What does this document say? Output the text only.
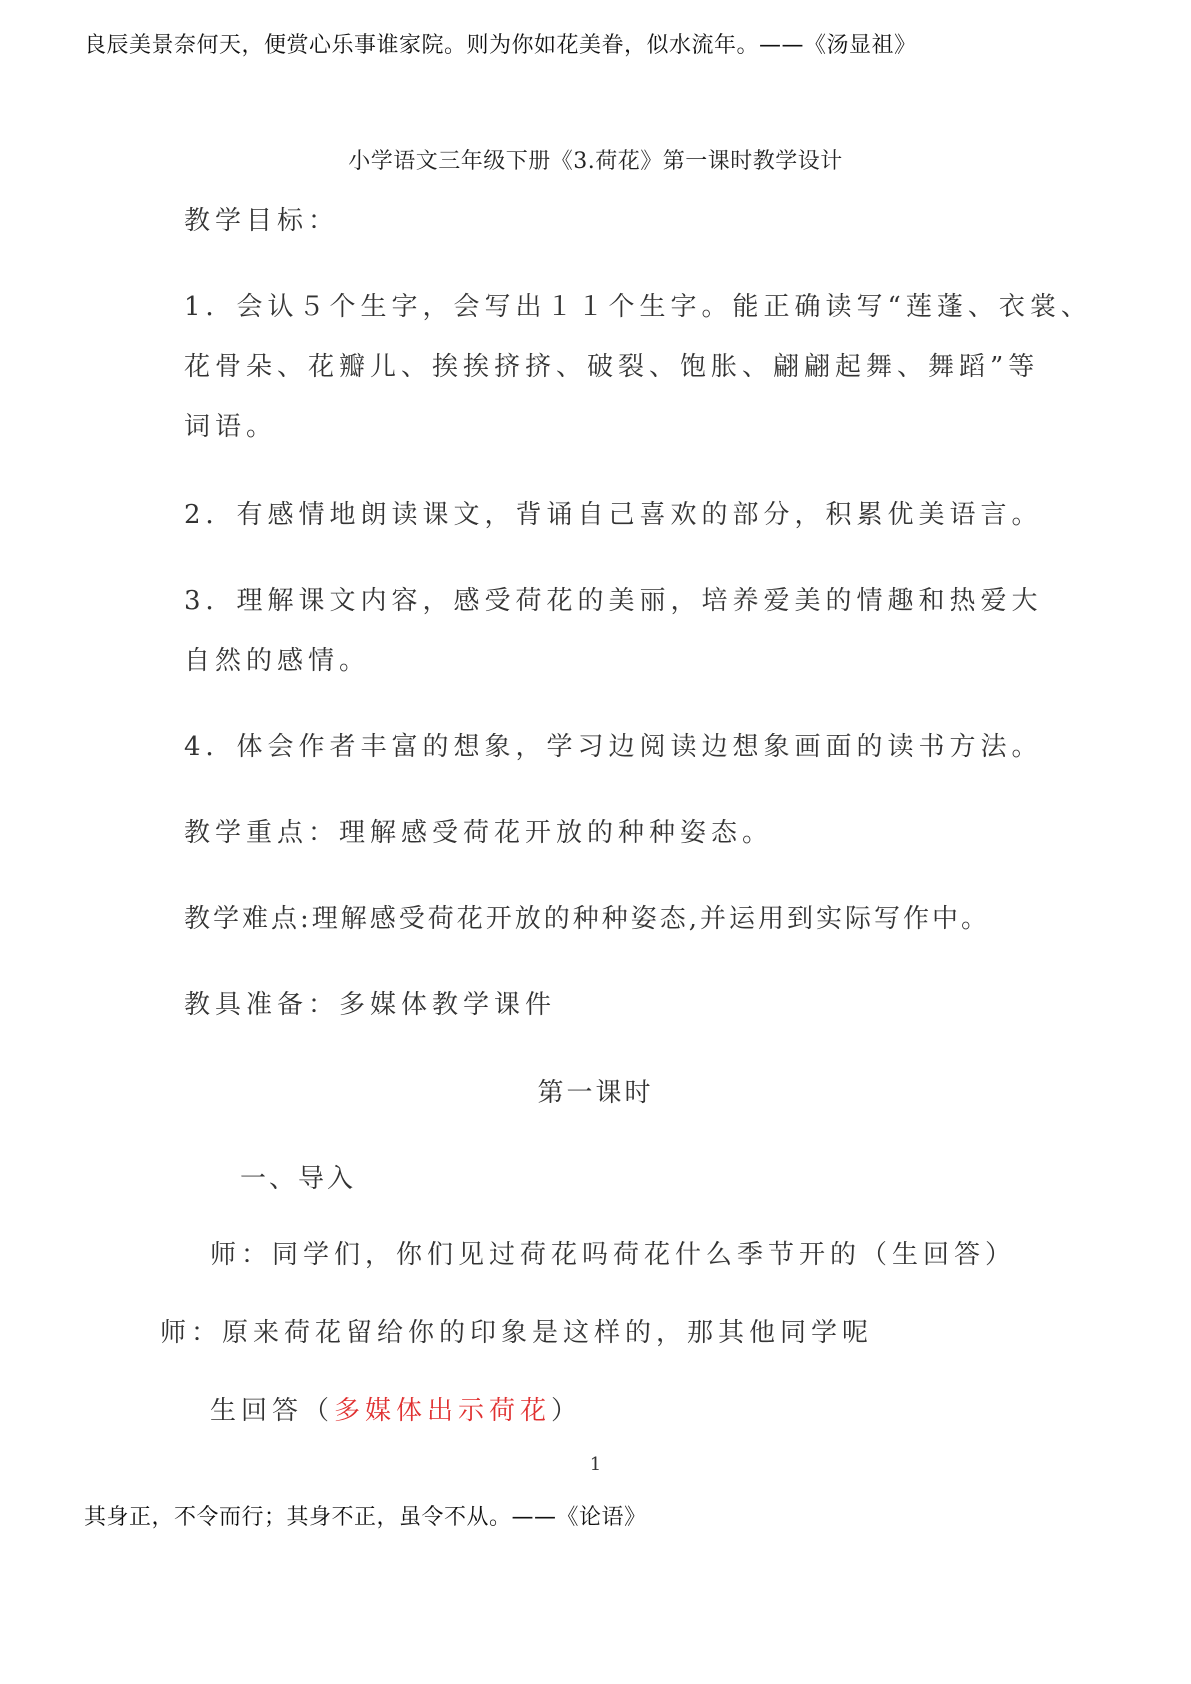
良辰美景奈何天，便赏心乐事谁家院。则为你如花美眷，似水流年。——《汤显祖》
小学语文三年级下册《3.荷花》第一课时教学设计
教学目标：
1．会认５个生字，会写出１１个生字。能正确读写“莲蓬、衣裳、
花骨朵、花瓣儿、挨挨挤挤、破裂、饱胀、翩翩起舞、舞蹈”等
词语。
2．有感情地朗读课文，背诵自己喜欢的部分，积累优美语言。
3．理解课文内容，感受荷花的美丽，培养爱美的情趣和热爱大
自然的感情。
4．体会作者丰富的想象，学习边阅读边想象画面的读书方法。
教学重点：理解感受荷花开放的种种姿态。
教学难点:理解感受荷花开放的种种姿态,并运用到实际写作中。
教具准备：多媒体教学课件
第一课时
一、导入
师：同学们，你们见过荷花吗荷花什么季节开的（生回答）
师：原来荷花留给你的印象是这样的，那其他同学呢
生回答（多媒体出示荷花）
1
其身正，不令而行；其身不正，虽令不从。——《论语》
